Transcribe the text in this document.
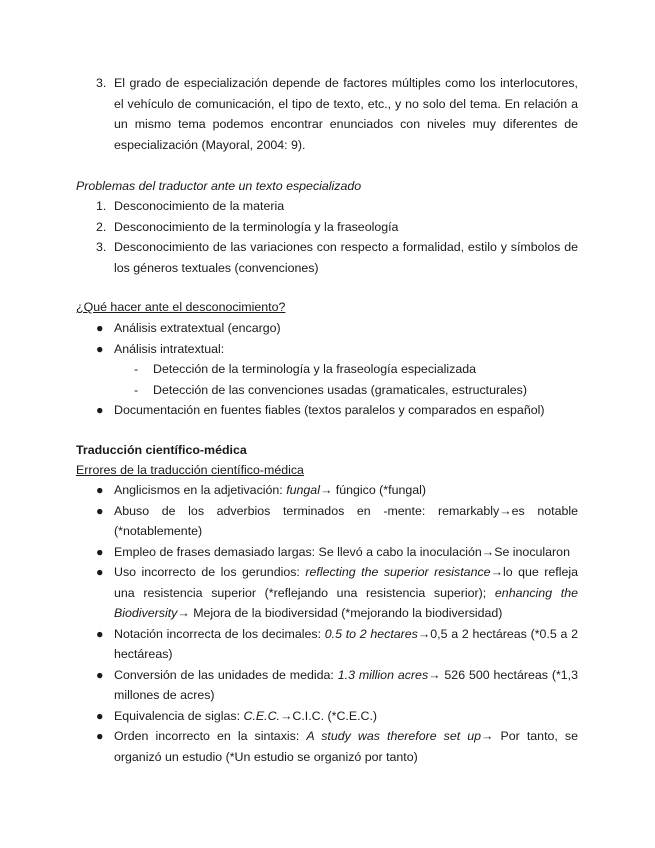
3. El grado de especialización depende de factores múltiples como los interlocutores, el vehículo de comunicación, el tipo de texto, etc., y no solo del tema. En relación a un mismo tema podemos encontrar enunciados con niveles muy diferentes de especialización (Mayoral, 2004: 9).
Problemas del traductor ante un texto especializado
1. Desconocimiento de la materia
2. Desconocimiento de la terminología y la fraseología
3. Desconocimiento de las variaciones con respecto a formalidad, estilo y símbolos de los géneros textuales (convenciones)
¿Qué hacer ante el desconocimiento?
● Análisis extratextual (encargo)
● Análisis intratextual:
- Detección de la terminología y la fraseología especializada
- Detección de las convenciones usadas (gramaticales, estructurales)
● Documentación en fuentes fiables (textos paralelos y comparados en español)
Traducción científico-médica
Errores de la traducción científico-médica
● Anglicismos en la adjetivación: fungal→ fúngico (*fungal)
● Abuso de los adverbios terminados en -mente: remarkably→es notable (*notablemente)
● Empleo de frases demasiado largas: Se llevó a cabo la inoculación→Se inocularon
● Uso incorrecto de los gerundios: reflecting the superior resistance→lo que refleja una resistencia superior (*reflejando una resistencia superior); enhancing the Biodiversity→ Mejora de la biodiversidad (*mejorando la biodiversidad)
● Notación incorrecta de los decimales: 0.5 to 2 hectares→0,5 a 2 hectáreas (*0.5 a 2 hectáreas)
● Conversión de las unidades de medida: 1.3 million acres→ 526 500 hectáreas (*1,3 millones de acres)
● Equivalencia de siglas: C.E.C.→C.I.C. (*C.E.C.)
● Orden incorrecto en la sintaxis: A study was therefore set up→ Por tanto, se organizó un estudio (*Un estudio se organizó por tanto)
